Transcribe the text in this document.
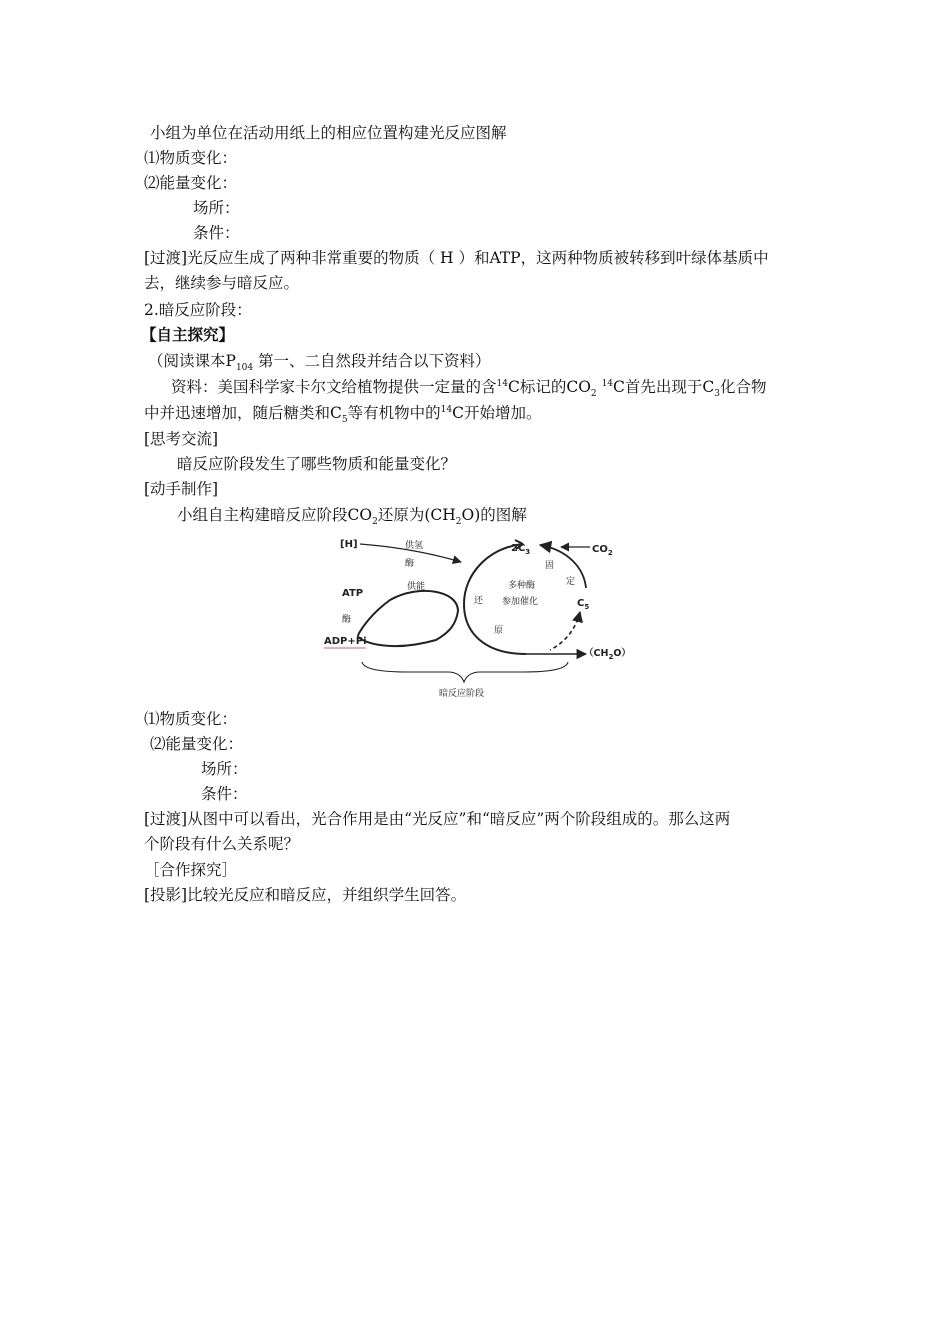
小组为单位在活动用纸上的相应位置构建光反应图解
⑴物质变化：
⑵能量变化：
场所：
条件：
[过渡]光反应生成了两种非常重要的物质（ H ）和ATP，这两种物质被转移到叶绿体基质中
去，继续参与暗反应。
2.暗反应阶段：
【自主探究】
（阅读课本$P_{104}$ 第一、二自然段并结合以下资料）
资料：美国科学家卡尔文给植物提供一定量的含$^{14}$C标记的$CO_2$ $^{14}$C首先出现于$C_3$化合物
中并迅速增加，随后糖类和$C_5$等有机物中的$^{14}$C开始增加。
[思考交流]
暗反应阶段发生了哪些物质和能量变化？
[动手制作]
小组自主构建暗反应阶段$CO_2$还原为$(CH_2O)$的图解
[H]	供氢
酶
ATP
供能
酶
ADP+Pi
$2C_3$	$CO_2$
固
定
多种酶
参加催化
还
原
$C_5$
$(CH_2O)$
暗反应阶段
⑴物质变化：
⑵能量变化：
场所：
条件：
[过渡]从图中可以看出，光合作用是由“光反应”和“暗反应”两个阶段组成的。那么这两
个阶段有什么关系呢？
［合作探究］
[投影]比较光反应和暗反应，并组织学生回答。
